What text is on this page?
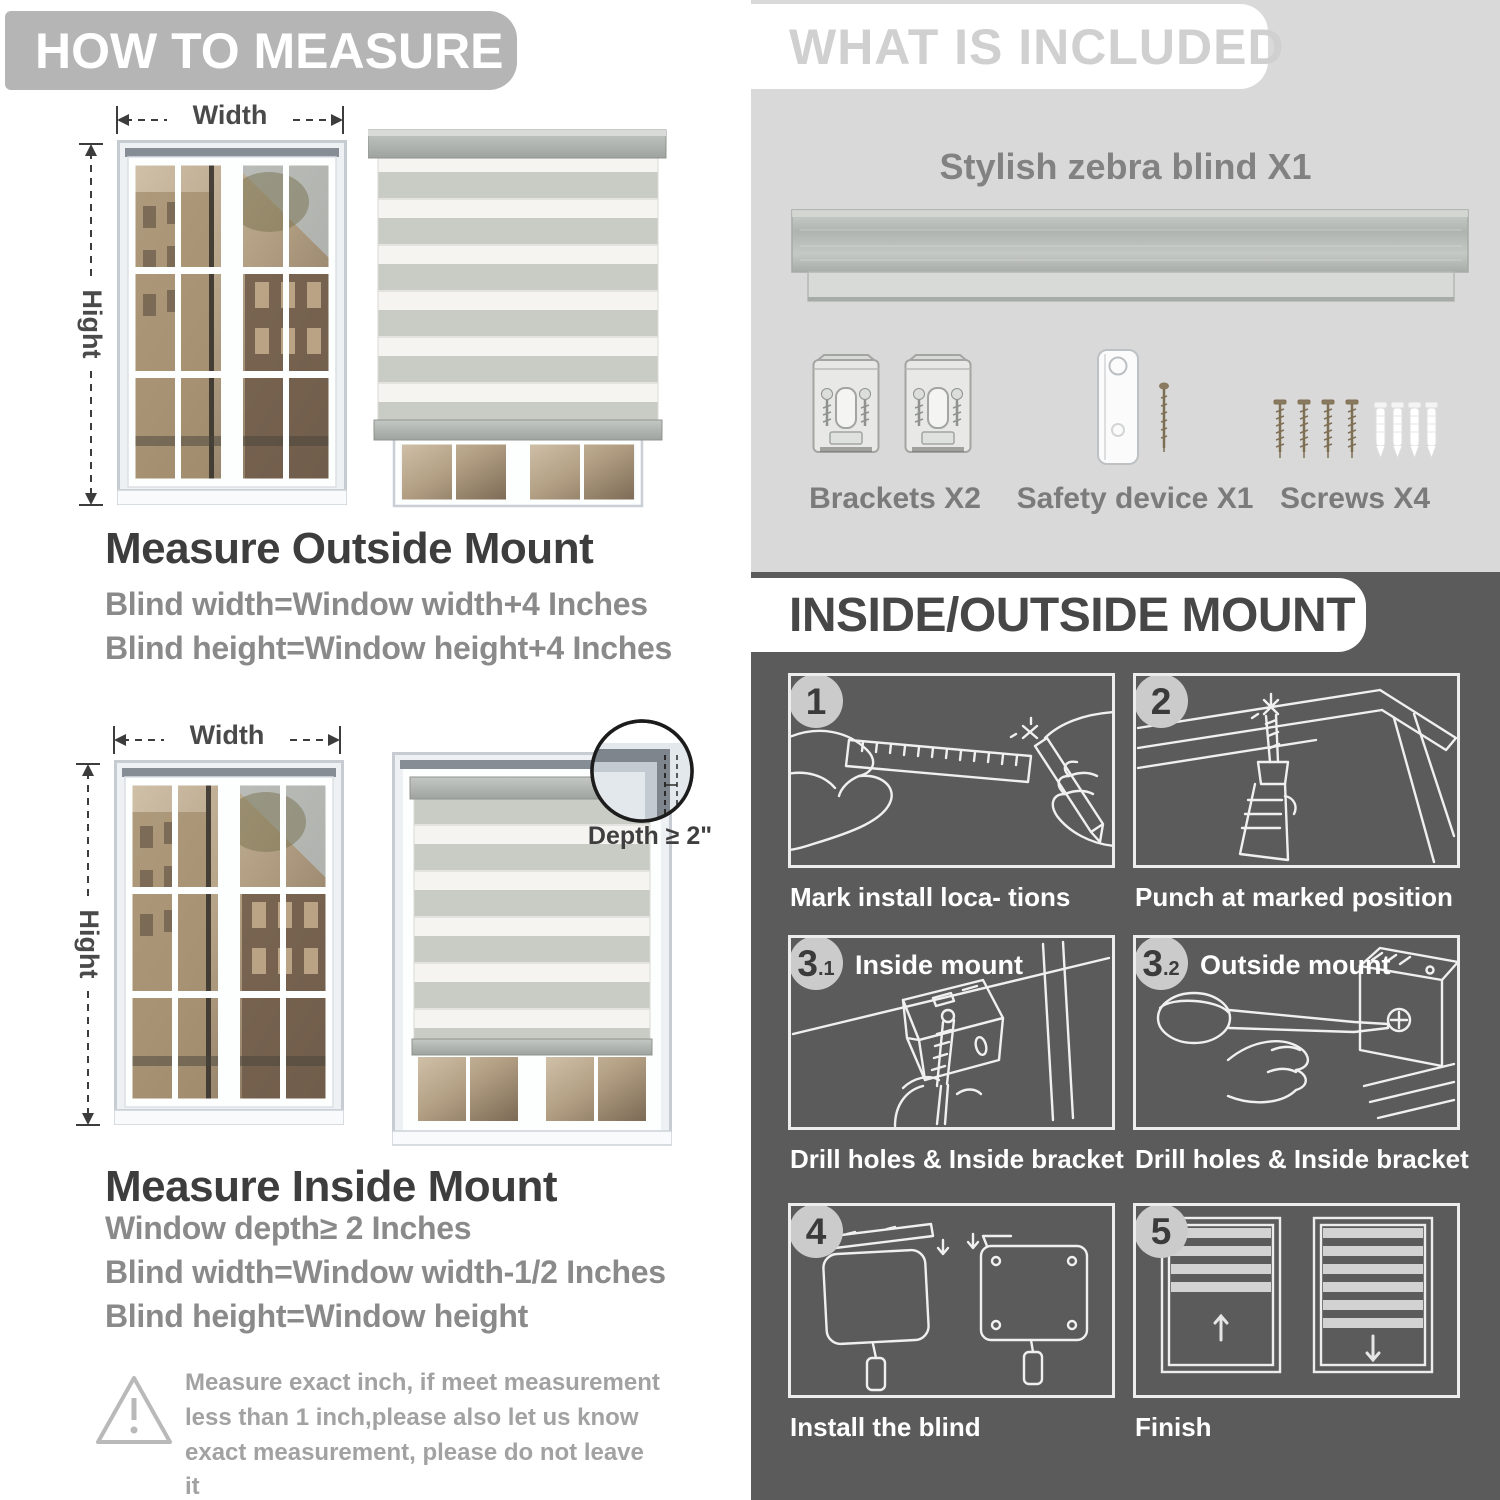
HOW TO MEASURE
Width
Hight
Measure Outside Mount
Blind width=Window width+4 Inches
Blind height=Window height+4 Inches
Width
Hight
Depth ≥ 2"
Measure Inside Mount
Window depth≥ 2 Inches
Blind width=Window width-1/2 Inches
Blind height=Window height
Measure exact inch, if meet measurement less than 1 inch,please also let us know exact measurement, please do not leave it
WHAT IS INCLUDED
Stylish zebra blind X1
Brackets X2	Safety device X1 Screws X4
INSIDE/OUTSIDE MOUNT
1
Mark install loca- tions
2
Punch at marked position
3 .1 Inside mount
Drill holes & Inside bracket
3 .2 Outside mount
Drill holes & Inside bracket
4
Install the blind
5
Finish
